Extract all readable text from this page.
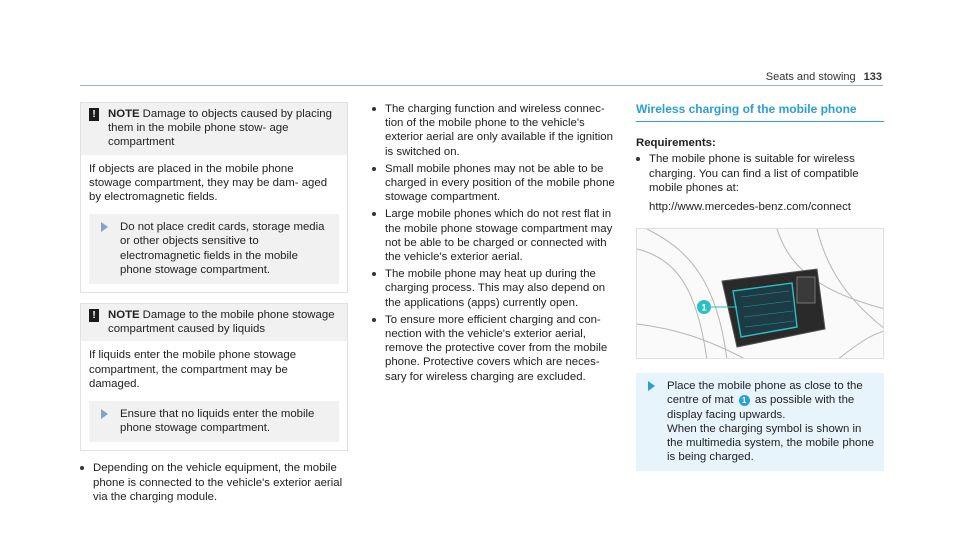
Seats and stowing 133
! NOTE Damage to objects caused by placing them in the mobile phone stow- age compartment

If objects are placed in the mobile phone stowage compartment, they may be dam- aged by electromagnetic fields.

Do not place credit cards, storage media or other objects sensitive to electromagnetic fields in the mobile phone stowage compartment.
! NOTE Damage to the mobile phone stowage compartment caused by liquids

If liquids enter the mobile phone stowage compartment, the compartment may be damaged.

Ensure that no liquids enter the mobile phone stowage compartment.
Depending on the vehicle equipment, the mobile phone is connected to the vehicle's exterior aerial via the charging module.
The charging function and wireless connec- tion of the mobile phone to the vehicle's exterior aerial are only available if the ignition is switched on.
Small mobile phones may not be able to be charged in every position of the mobile phone stowage compartment.
Large mobile phones which do not rest flat in the mobile phone stowage compartment may not be able to be charged or connected with the vehicle's exterior aerial.
The mobile phone may heat up during the charging process. This may also depend on the applications (apps) currently open.
To ensure more efficient charging and con- nection with the vehicle's exterior aerial, remove the protective cover from the mobile phone. Protective covers which are neces- sary for wireless charging are excluded.
Wireless charging of the mobile phone
Requirements:
The mobile phone is suitable for wireless charging. You can find a list of compatible mobile phones at:
http://www.mercedes-benz.com/connect
1
Place the mobile phone as close to the centre of mat 1 as possible with the display facing upwards.
When the charging symbol is shown in the multimedia system, the mobile phone is being charged.
